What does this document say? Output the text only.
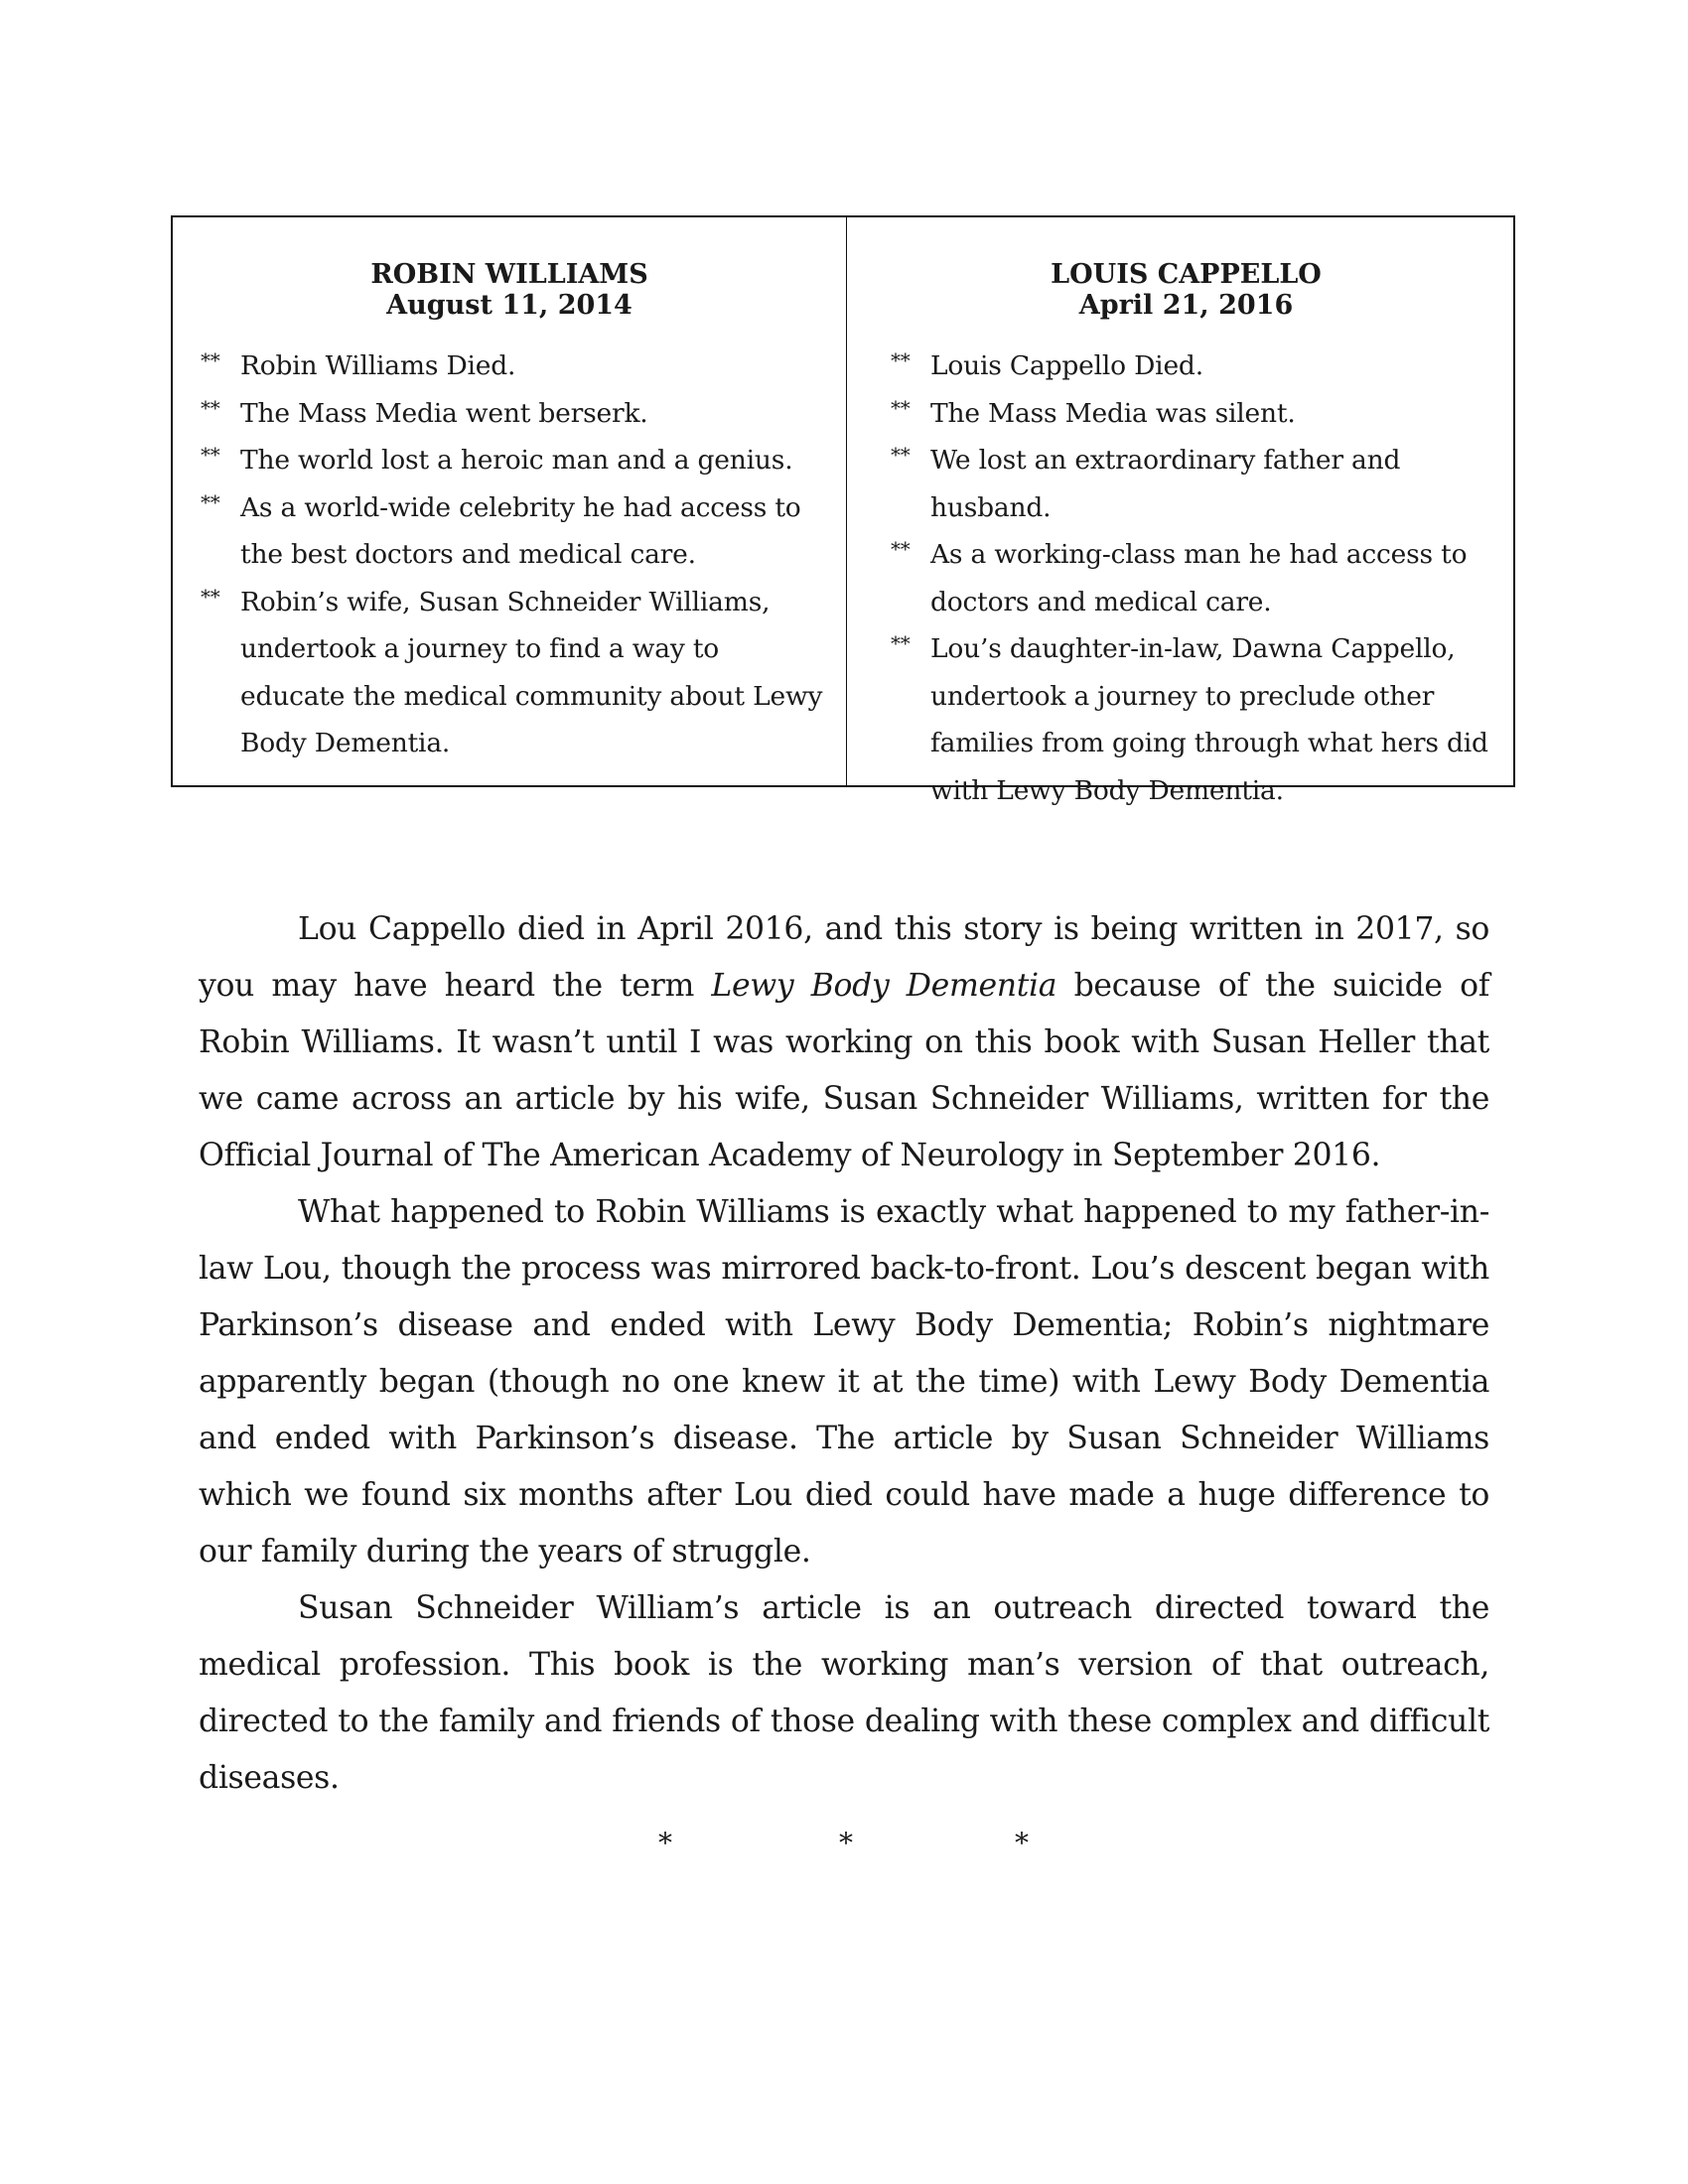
ROBIN WILLIAMS
August 11, 2014
** Robin Williams Died.
** The Mass Media went berserk.
** The world lost a heroic man and a genius.
** As a world-wide celebrity he had access to the best doctors and medical care.
** Robin’s wife, Susan Schneider Williams, undertook a journey to find a way to educate the medical community about Lewy Body Dementia.
LOUIS CAPPELLO
April 21, 2016
** Louis Cappello Died.
** The Mass Media was silent.
** We lost an extraordinary father and husband.
** As a working-class man he had access to doctors and medical care.
** Lou’s daughter-in-law, Dawna Cappello, undertook a journey to preclude other families from going through what hers did with Lewy Body Dementia.

Lou Cappello died in April 2016, and this story is being written in 2017, so you may have heard the term Lewy Body Dementia because of the suicide of Robin Williams. It wasn’t until I was working on this book with Susan Heller that we came across an article by his wife, Susan Schneider Williams, written for the Official Journal of The American Academy of Neurology in September 2016.

What happened to Robin Williams is exactly what happened to my father-in-law Lou, though the process was mirrored back-to-front. Lou’s descent began with Parkinson’s disease and ended with Lewy Body Dementia; Robin’s nightmare apparently began (though no one knew it at the time) with Lewy Body Dementia and ended with Parkinson’s disease. The article by Susan Schneider Williams which we found six months after Lou died could have made a huge difference to our family during the years of struggle.

Susan Schneider William’s article is an outreach directed toward the medical profession. This book is the working man’s version of that outreach, directed to the family and friends of those dealing with these complex and difficult diseases.

*	*	*
